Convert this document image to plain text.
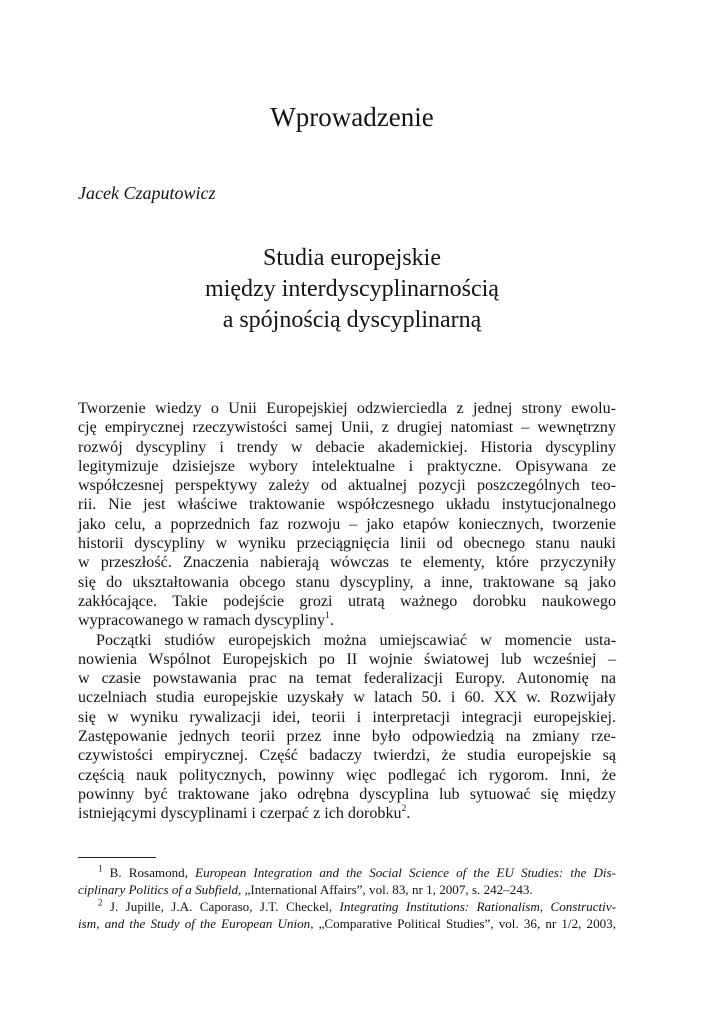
Wprowadzenie
Jacek Czaputowicz
Studia europejskie
między interdyscyplinarnością
a spójnością dyscyplinarną
Tworzenie wiedzy o Unii Europejskiej odzwierciedla z jednej strony ewolu-
cję empirycznej rzeczywistości samej Unii, z drugiej natomiast – wewnętrzny
rozwój dyscypliny i trendy w debacie akademickiej. Historia dyscypliny
legitymizuje dzisiejsze wybory intelektualne i praktyczne. Opisywana ze
współczesnej perspektywy zależy od aktualnej pozycji poszczególnych teo-
rii. Nie jest właściwe traktowanie współczesnego układu instytucjonalnego
jako celu, a poprzednich faz rozwoju – jako etapów koniecznych, tworzenie
historii dyscypliny w wyniku przeciągnięcia linii od obecnego stanu nauki
w przeszłość. Znaczenia nabierają wówczas te elementy, które przyczyniły
się do ukształtowania obcego stanu dyscypliny, a inne, traktowane są jako
zakłócające. Takie podejście grozi utratą ważnego dorobku naukowego
wypracowanego w ramach dyscypliny$^1$.
Początki studiów europejskich można umiejscawiać w momencie usta-
nowienia Wspólnot Europejskich po II wojnie światowej lub wcześniej –
w czasie powstawania prac na temat federalizacji Europy. Autonomię na
uczelniach studia europejskie uzyskały w latach 50. i 60. XX w. Rozwijały
się w wyniku rywalizacji idei, teorii i interpretacji integracji europejskiej.
Zastępowanie jednych teorii przez inne było odpowiedzią na zmiany rze-
czywistości empirycznej. Część badaczy twierdzi, że studia europejskie są
częścią nauk politycznych, powinny więc podlegać ich rygorom. Inni, że
powinny być traktowane jako odrębna dyscyplina lub sytuować się między
istniejącymi dyscyplinami i czerpać z ich dorobku$^2$.
$^1$ B. Rosamond, European Integration and the Social Science of the EU Studies: the Dis-
ciplinary Politics of a Subfield, „International Affairs”, vol. 83, nr 1, 2007, s. 242–243.
$^2$ J. Jupille, J.A. Caporaso, J.T. Checkel, Integrating Institutions: Rationalism, Constructiv-
ism, and the Study of the European Union, „Comparative Political Studies”, vol. 36, nr 1/2, 2003,
